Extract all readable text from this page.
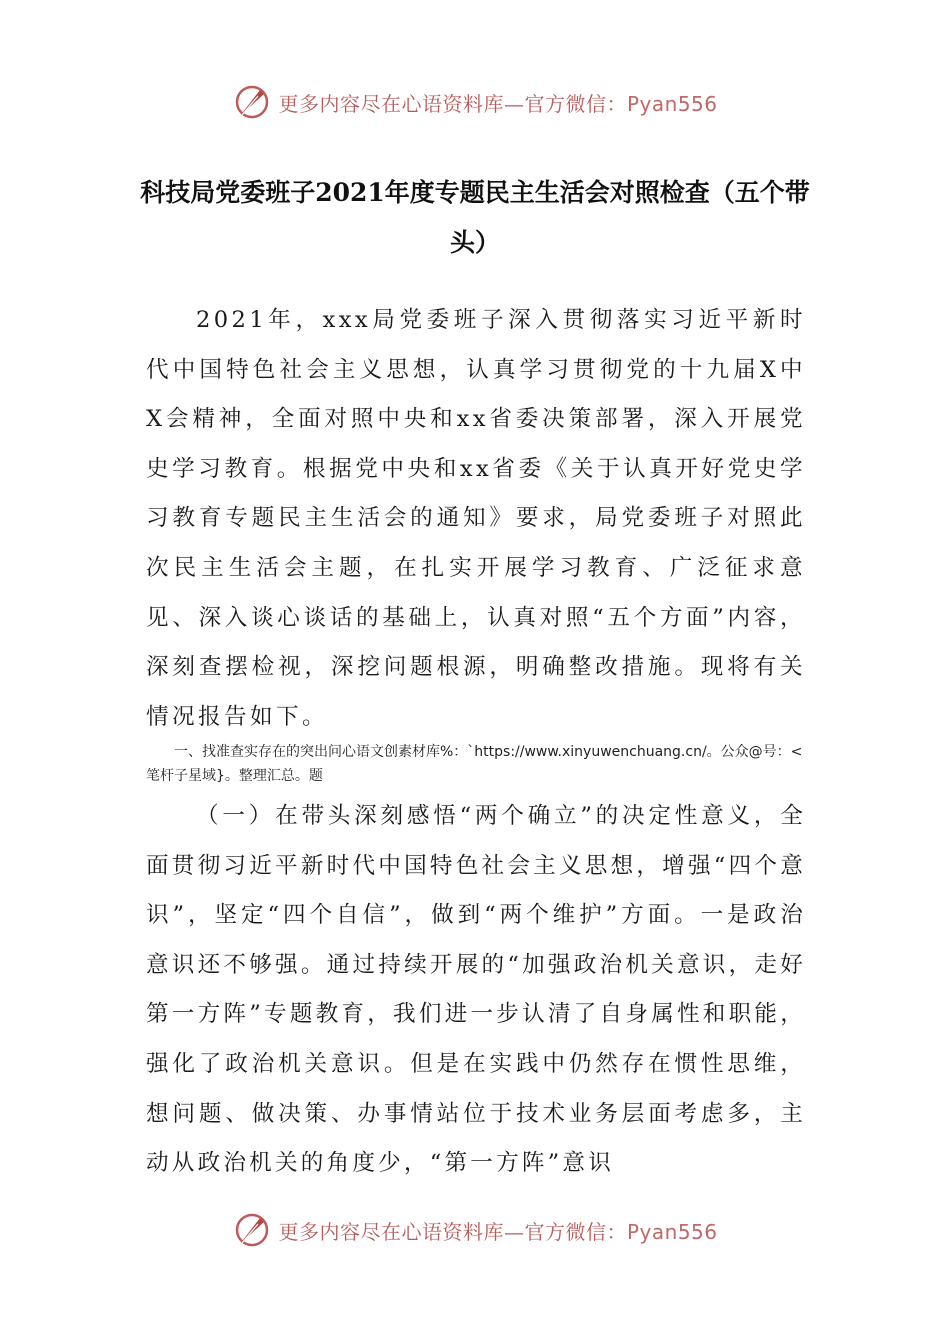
更多内容尽在心语资料库—官方微信：Pyan556
科技局党委班子2021年度专题民主生活会对照检查（五个带头）

2021年，xxx局党委班子深入贯彻落实习近平新时代中国特色社会主义思想，认真学习贯彻党的十九届X中X会精神，全面对照中央和xx省委决策部署，深入开展党史学习教育。根据党中央和xx省委《关于认真开好党史学习教育专题民主生活会的通知》要求，局党委班子对照此次民主生活会主题，在扎实开展学习教育、广泛征求意见、深入谈心谈话的基础上，认真对照“五个方面”内容，深刻查摆检视，深挖问题根源，明确整改措施。现将有关情况报告如下。

一、找准查实存在的突出问心语文创素材库%：`https://www.xinyuwenchuang.cn/。公众@号：<笔杆子星域}。整理汇总。题

（一）在带头深刻感悟“两个确立”的决定性意义，全面贯彻习近平新时代中国特色社会主义思想，增强“四个意识”，坚定“四个自信”，做到“两个维护”方面。一是政治意识还不够强。通过持续开展的“加强政治机关意识，走好第一方阵”专题教育，我们进一步认清了自身属性和职能，强化了政治机关意识。但是在实践中仍然存在惯性思维，想问题、做决策、办事情站位于技术业务层面考虑多，主动从政治机关的角度少，“第一方阵”意识

更多内容尽在心语资料库—官方微信：Pyan556
